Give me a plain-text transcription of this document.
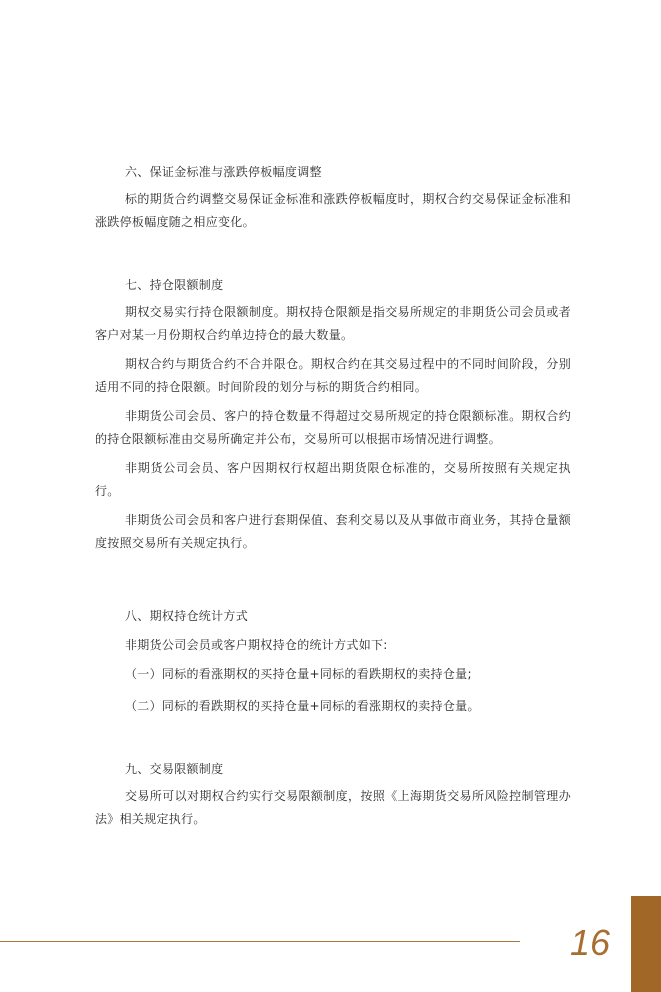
六、保证金标准与涨跌停板幅度调整

标的期货合约调整交易保证金标准和涨跌停板幅度时，期权合约交易保证金标准和涨跌停板幅度随之相应变化。

七、持仓限额制度

期权交易实行持仓限额制度。期权持仓限额是指交易所规定的非期货公司会员或者客户对某一月份期权合约单边持仓的最大数量。

期权合约与期货合约不合并限仓。期权合约在其交易过程中的不同时间阶段，分别适用不同的持仓限额。时间阶段的划分与标的期货合约相同。

非期货公司会员、客户的持仓数量不得超过交易所规定的持仓限额标准。期权合约的持仓限额标准由交易所确定并公布，交易所可以根据市场情况进行调整。

非期货公司会员、客户因期权行权超出期货限仓标准的，交易所按照有关规定执行。

非期货公司会员和客户进行套期保值、套利交易以及从事做市商业务，其持仓量额度按照交易所有关规定执行。

八、期权持仓统计方式

非期货公司会员或客户期权持仓的统计方式如下:

（一）同标的看涨期权的买持仓量+同标的看跌期权的卖持仓量;
（二）同标的看跌期权的买持仓量+同标的看涨期权的卖持仓量。
九、交易限额制度

交易所可以对期权合约实行交易限额制度，按照《上海期货交易所风险控制管理办法》相关规定执行。

16
